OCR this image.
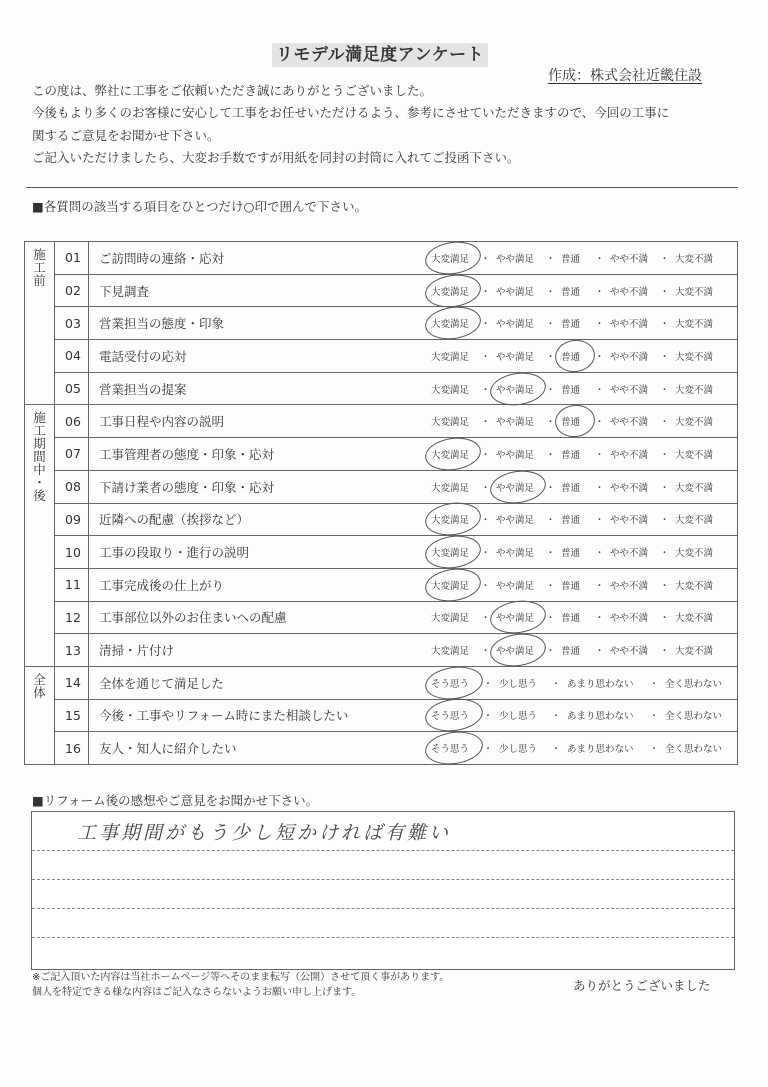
リモデル満足度アンケート
作成：株式会社近畿住設
この度は、弊社に工事をご依頼いただき誠にありがとうございました。
今後もより多くのお客様に安心して工事をお任せいただけるよう、参考にさせていただきますので、今回の工事に
関するご意見をお聞かせ下さい。
ご記入いただけましたら、大変お手数ですが用紙を同封の封筒に入れてご投函下さい。
■各質問の該当する項目をひとつだけ○印で囲んで下さい。
施
工
前
	01	ご訪問時の連絡・応対	大変満足	・ やや満足	・ 普通	・ やや不満	・ 大変不満

02	下見調査	大変満足	・ やや満足	・ 普通	・ やや不満	・ 大変不満

03	営業担当の態度・印象	大変満足	・ やや満足	・ 普通	・ やや不満	・ 大変不満

04	電話受付の応対	大変満足	・ やや満足	・ 普通	・ やや不満	・ 大変不満

05	営業担当の提案	大変満足	・ やや満足	・ 普通	・ やや不満	・ 大変不満

施
工
期
間
中
・
後
	06	工事日程や内容の説明	大変満足	・ やや満足	・ 普通	・ やや不満	・ 大変不満

07	工事管理者の態度・印象・応対	大変満足	・ やや満足	・ 普通	・ やや不満	・ 大変不満

08	下請け業者の態度・印象・応対	大変満足	・ やや満足	・ 普通	・ やや不満	・ 大変不満

09	近隣への配慮（挨拶など）	大変満足	・ やや満足	・ 普通	・ やや不満	・ 大変不満

10	工事の段取り・進行の説明	大変満足	・ やや満足	・ 普通	・ やや不満	・ 大変不満

11	工事完成後の仕上がり	大変満足	・ やや満足	・ 普通	・ やや不満	・ 大変不満

12	工事部位以外のお住まいへの配慮	大変満足	・ やや満足	・ 普通	・ やや不満	・ 大変不満

13	清掃・片付け	大変満足	・ やや満足	・ 普通	・ やや不満	・ 大変不満

全
体
	14	全体を通じて満足した	そう思う	・ 少し思う	・ あまり思わない	・ 全く思わない

15	今後・工事やリフォーム時にまた相談したい	そう思う	・ 少し思う	・ あまり思わない	・ 全く思わない

16	友人・知人に紹介したい	そう思う	・ 少し思う	・ あまり思わない	・ 全く思わない
■リフォーム後の感想やご意見をお聞かせ下さい。
工事期間がもう少し短かければ有難い
※ご記入頂いた内容は当社ホームページ等へそのまま転写（公開）させて頂く事があります。
個人を特定できる様な内容はご記入なさらないようお願い申し上げます。	ありがとうございました
